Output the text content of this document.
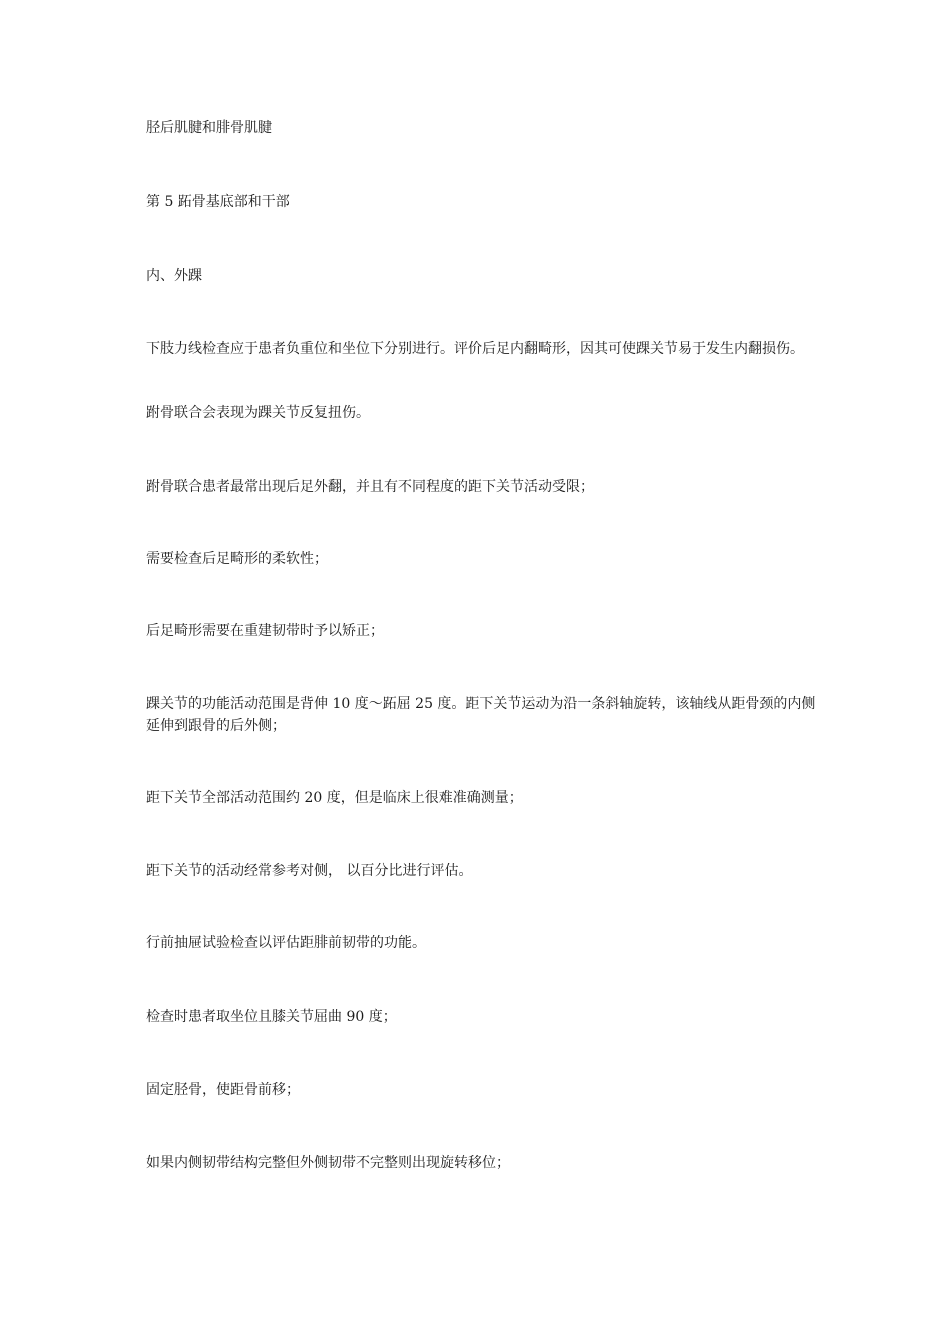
胫后肌腱和腓骨肌腱

第 5 跖骨基底部和干部

内、外踝

下肢力线检查应于患者负重位和坐位下分别进行。评价后足内翻畸形，因其可使踝关节易于发生内翻损伤。

跗骨联合会表现为踝关节反复扭伤。

跗骨联合患者最常出现后足外翻，并且有不同程度的距下关节活动受限；

需要检查后足畸形的柔软性；

后足畸形需要在重建韧带时予以矫正；

踝关节的功能活动范围是背伸 10 度～跖屈 25 度。距下关节运动为沿一条斜轴旋转，该轴线从距骨颈的内侧延伸到跟骨的后外侧；

距下关节全部活动范围约 20 度，但是临床上很难准确测量；

距下关节的活动经常参考对侧， 以百分比进行评估。

行前抽屉试验检查以评估距腓前韧带的功能。

检查时患者取坐位且膝关节屈曲 90 度；

固定胫骨，使距骨前移；

如果内侧韧带结构完整但外侧韧带不完整则出现旋转移位；
